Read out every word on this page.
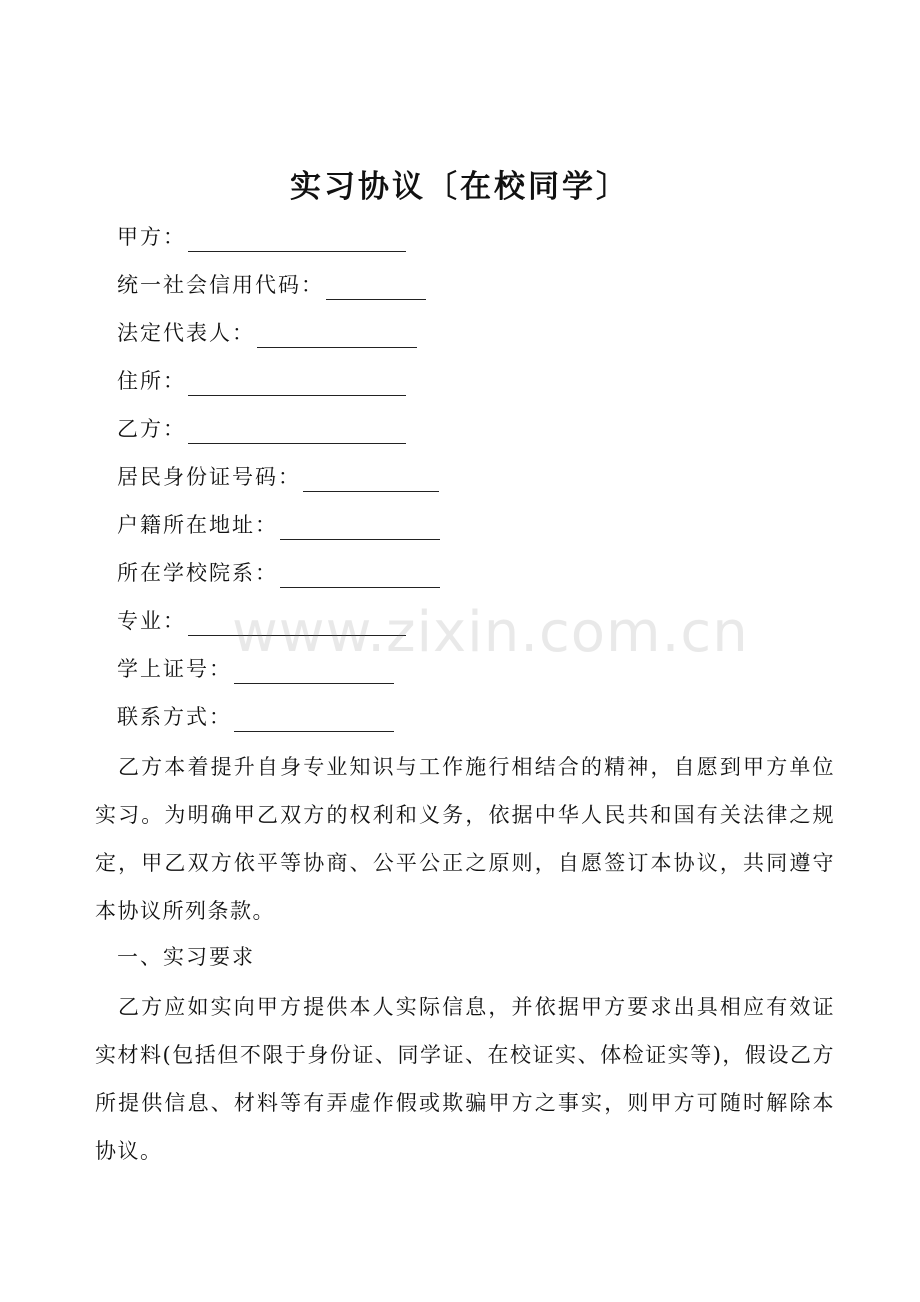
实习协议〔在校同学〕
甲方：
统一社会信用代码：
法定代表人：
住所：
乙方：
居民身份证号码：
户籍所在地址：
所在学校院系：
专业：
学上证号：
联系方式：
乙方本着提升自身专业知识与工作施行相结合的精神，自愿到甲方单位实习。为明确甲乙双方的权利和义务，依据中华人民共和国有关法律之规定，甲乙双方依平等协商、公平公正之原则，自愿签订本协议，共同遵守本协议所列条款。
一、实习要求
乙方应如实向甲方提供本人实际信息，并依据甲方要求出具相应有效证实材料(包括但不限于身份证、同学证、在校证实、体检证实等)，假设乙方所提供信息、材料等有弄虚作假或欺骗甲方之事实，则甲方可随时解除本协议。
www.zixin.com.cn
